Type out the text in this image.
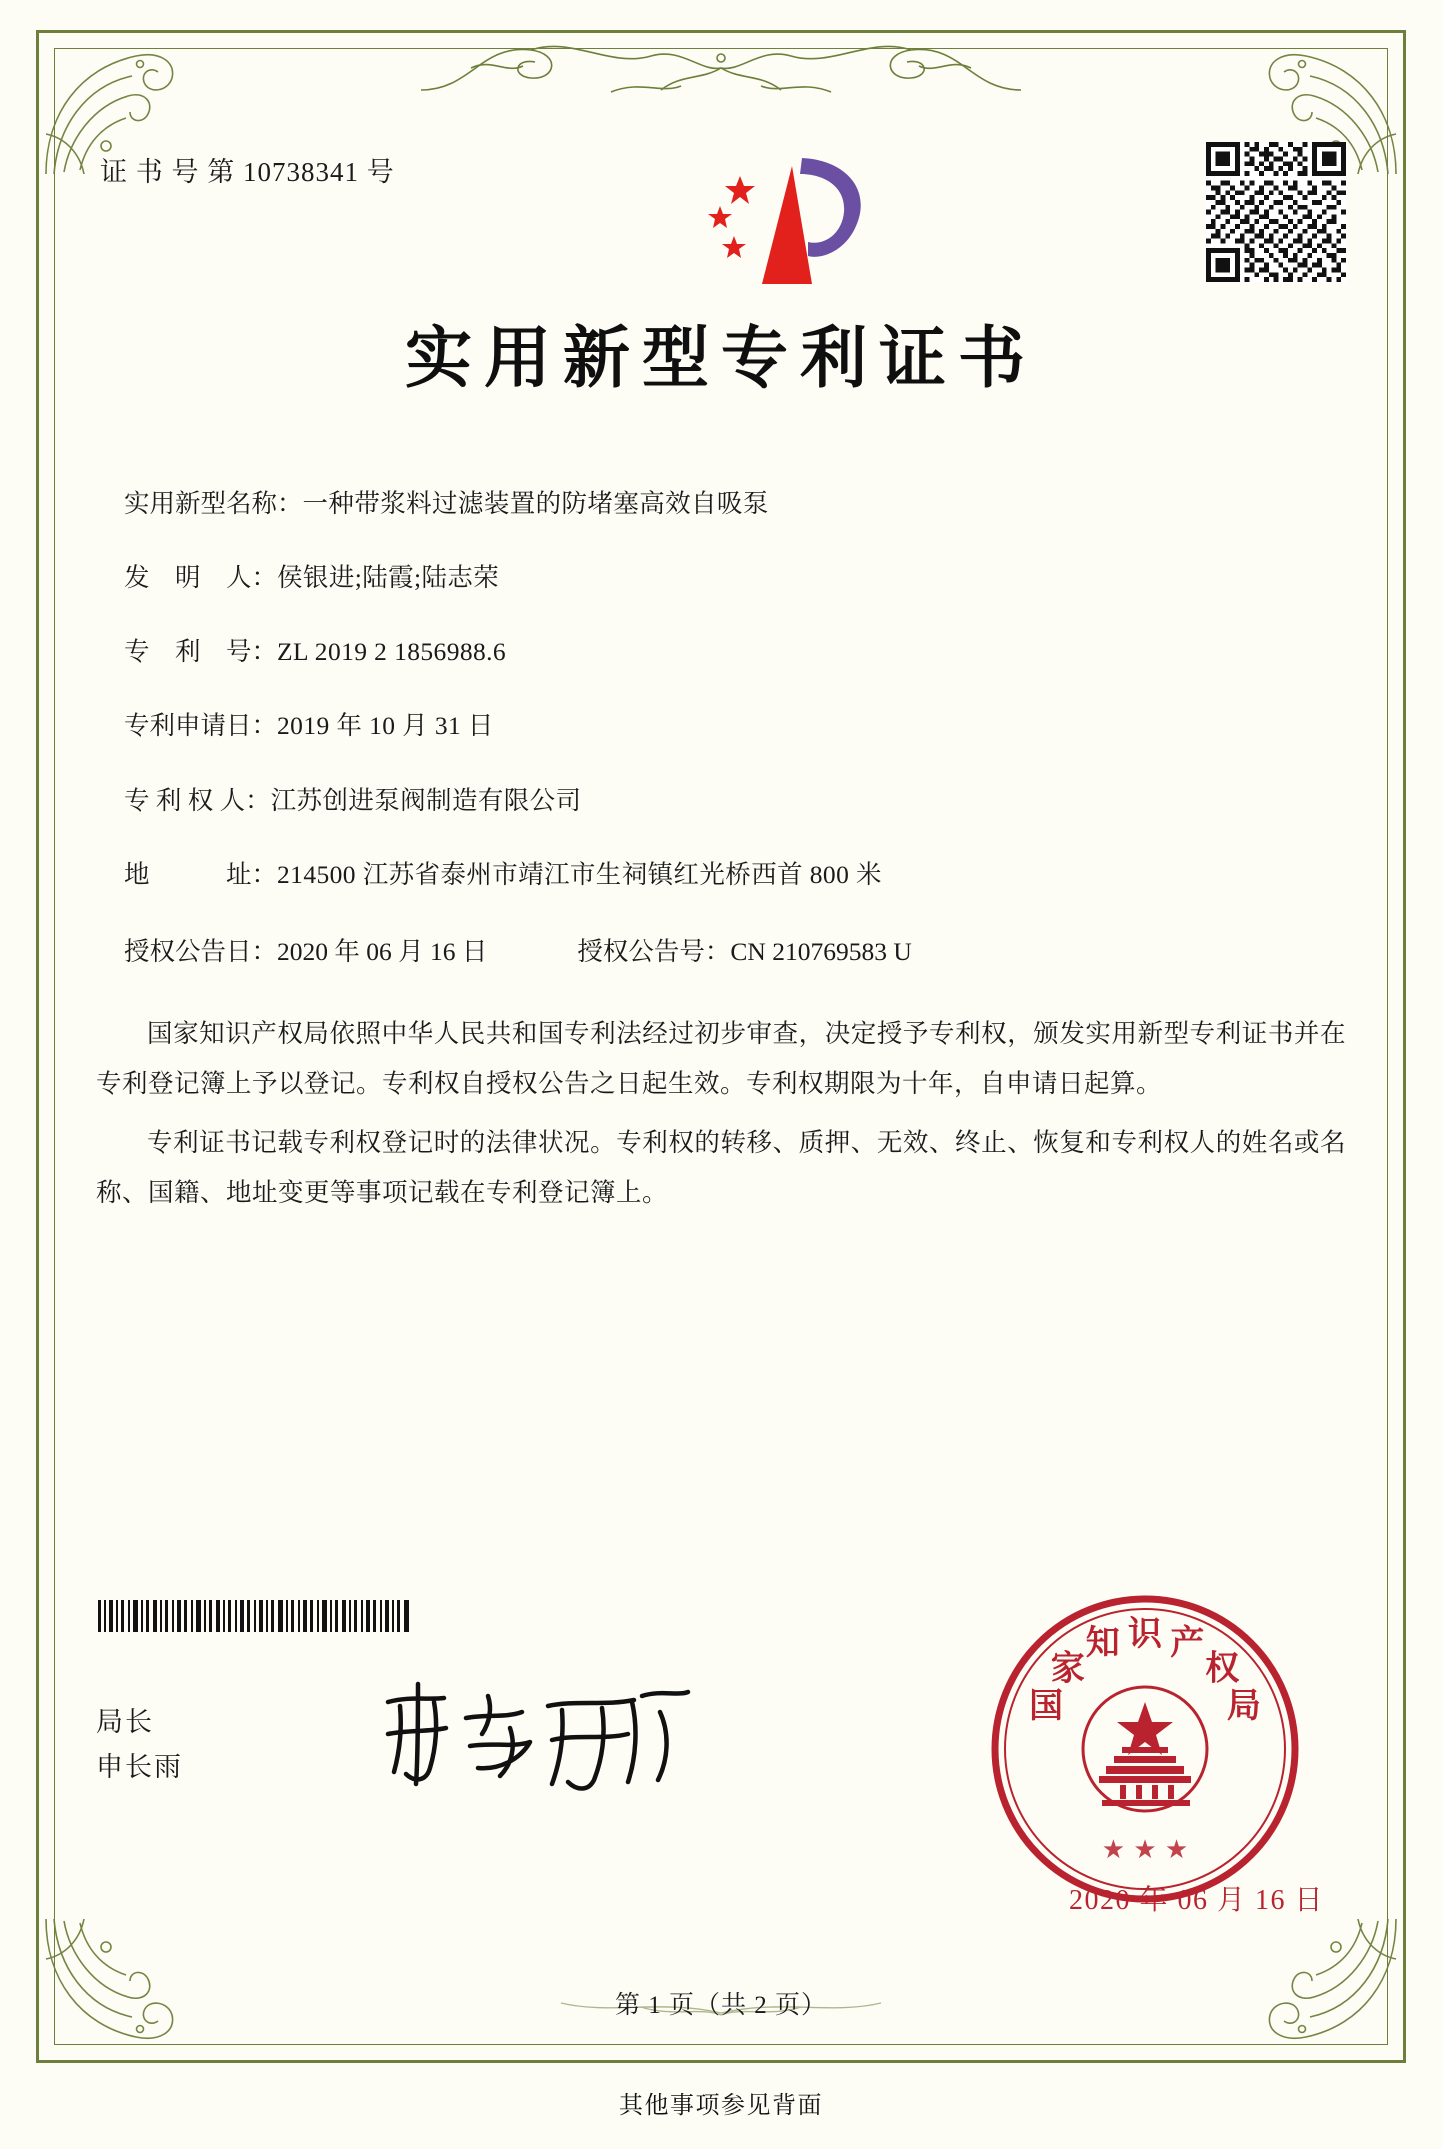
证 书 号 第 10738341 号
实用新型专利证书
实用新型名称： 一种带浆料过滤装置的防堵塞高效自吸泵
发　明　人： 侯银进;陆霞;陆志荣
专　利　号： ZL 2019 2 1856988.6
专利申请日： 2019 年 10 月 31 日
专 利 权 人： 江苏创进泵阀制造有限公司
地　　　址： 214500 江苏省泰州市靖江市生祠镇红光桥西首 800 米
授权公告日：2020 年 06 月 16 日	授权公告号：CN 210769583 U
国家知识产权局依照中华人民共和国专利法经过初步审查，决定授予专利权，颁发实用新型专利证书并在专利登记簿上予以登记。专利权自授权公告之日起生效。专利权期限为十年，自申请日起算。
专利证书记载专利权登记时的法律状况。专利权的转移、质押、无效、终止、恢复和专利权人的姓名或名称、国籍、地址变更等事项记载在专利登记簿上。
局长
申长雨
国
家
知 识 产
权
局
★ ★ ★
2020 年 06 月 16 日
第 1 页（共 2 页）
其他事项参见背面
